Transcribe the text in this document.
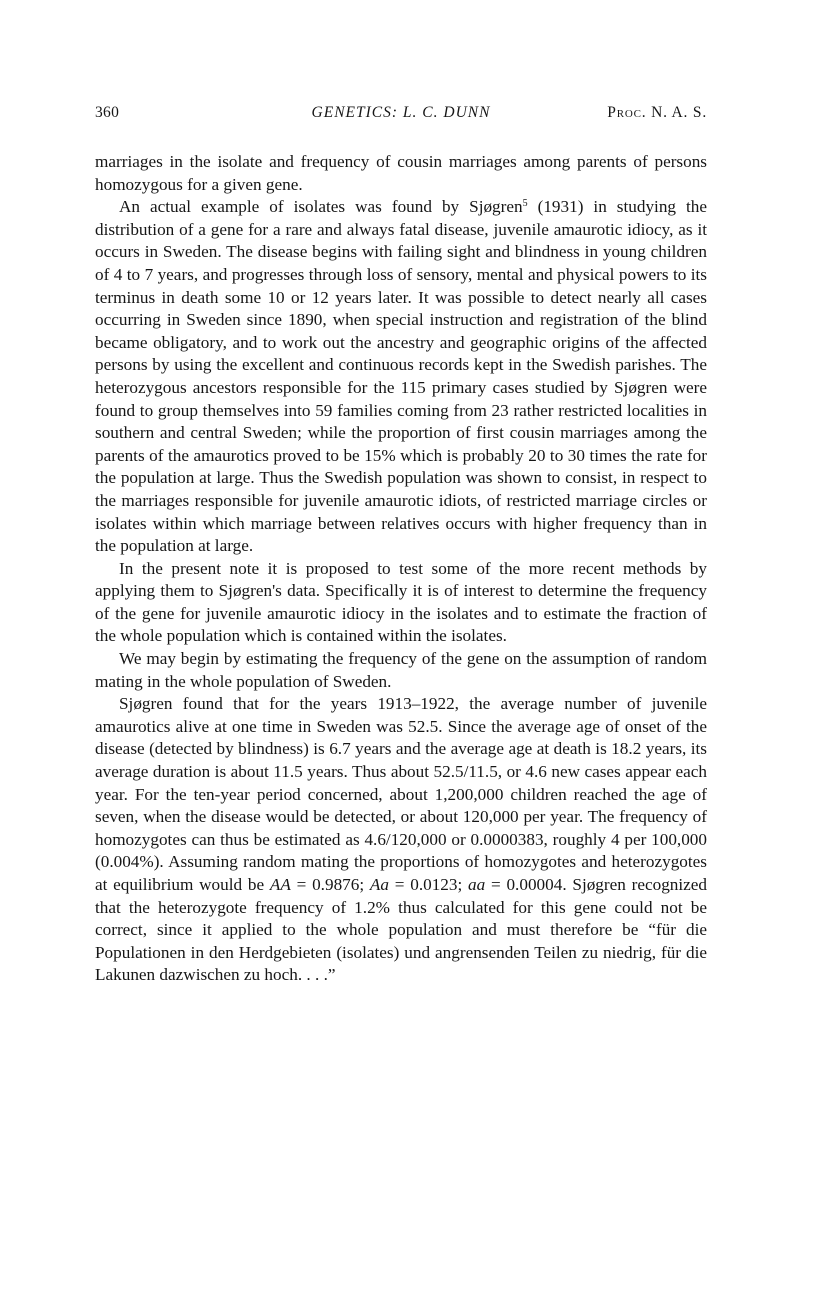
360	GENETICS: L. C. DUNN	Proc. N. A. S.

marriages in the isolate and frequency of cousin marriages among parents of persons homozygous for a given gene.

An actual example of isolates was found by Sjøgren$^5$ (1931) in studying the distribution of a gene for a rare and always fatal disease, juvenile amaurotic idiocy, as it occurs in Sweden. The disease begins with failing sight and blindness in young children of 4 to 7 years, and progresses through loss of sensory, mental and physical powers to its terminus in death some 10 or 12 years later. It was possible to detect nearly all cases occurring in Sweden since 1890, when special instruction and registration of the blind became obligatory, and to work out the ancestry and geographic origins of the affected persons by using the excellent and continuous records kept in the Swedish parishes. The heterozygous ancestors responsible for the 115 primary cases studied by Sjøgren were found to group themselves into 59 families coming from 23 rather restricted localities in southern and central Sweden; while the proportion of first cousin marriages among the parents of the amaurotics proved to be 15% which is probably 20 to 30 times the rate for the population at large. Thus the Swedish population was shown to consist, in respect to the marriages responsible for juvenile amaurotic idiots, of restricted marriage circles or isolates within which marriage between relatives occurs with higher frequency than in the population at large.

In the present note it is proposed to test some of the more recent methods by applying them to Sjøgren's data. Specifically it is of interest to determine the frequency of the gene for juvenile amaurotic idiocy in the isolates and to estimate the fraction of the whole population which is contained within the isolates.

We may begin by estimating the frequency of the gene on the assumption of random mating in the whole population of Sweden.

Sjøgren found that for the years 1913–1922, the average number of juvenile amaurotics alive at one time in Sweden was 52.5. Since the average age of onset of the disease (detected by blindness) is 6.7 years and the average age at death is 18.2 years, its average duration is about 11.5 years. Thus about 52.5/11.5, or 4.6 new cases appear each year. For the ten-year period concerned, about 1,200,000 children reached the age of seven, when the disease would be detected, or about 120,000 per year. The frequency of homozygotes can thus be estimated as 4.6/120,000 or 0.0000383, roughly 4 per 100,000 (0.004%). Assuming random mating the proportions of homozygotes and heterozygotes at equilibrium would be AA = 0.9876; Aa = 0.0123; aa = 0.00004. Sjøgren recognized that the heterozygote frequency of 1.2% thus calculated for this gene could not be correct, since it applied to the whole population and must therefore be “für die Populationen in den Herdgebieten (isolates) und angrensenden Teilen zu niedrig, für die Lakunen dazwischen zu hoch. . . .”
